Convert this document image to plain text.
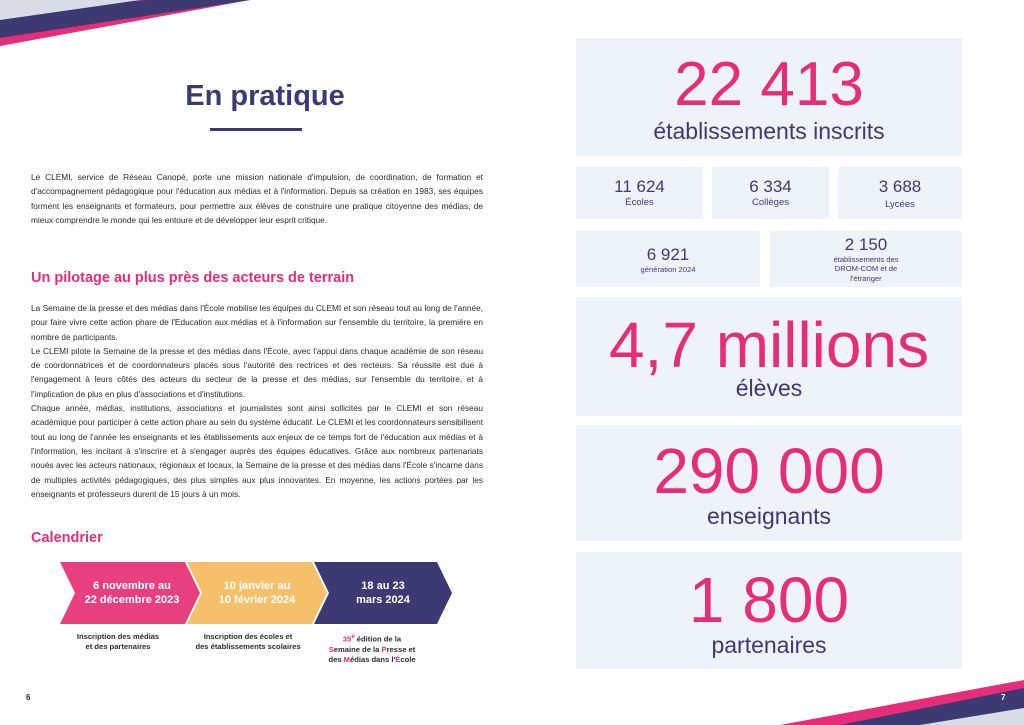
En pratique
Le CLEMI, service de Réseau Canopé, porte une mission nationale d'impulsion, de coordination, de formation et d'accompagnement pédagogique pour l'éducation aux médias et à l'information. Depuis sa création en 1983, ses équipes forment les enseignants et formateurs, pour permettre aux élèves de construire une pratique citoyenne des médias, de mieux comprendre le monde qui les entoure et de développer leur esprit critique.
Un pilotage au plus près des acteurs de terrain

La Semaine de la presse et des médias dans l'École mobilise les équipes du CLEMI et son réseau tout au long de l'année, pour faire vivre cette action phare de l'Education aux médias et à l'information sur l'ensemble du territoire, la première en nombre de participants.

Le CLEMI pilote la Semaine de la presse et des médias dans l'École, avec l'appui dans chaque académie de son réseau de coordonnatrices et de coordonnateurs placés sous l'autorité des rectrices et des recteurs. Sa réussite est due à l'engagement à leurs côtés des acteurs du secteur de la presse et des médias, sur l'ensemble du territoire, et à l'implication de plus en plus d'associations et d'institutions.

Chaque année, médias, institutions, associations et journalistes sont ainsi sollicités par le CLEMI et son réseau académique pour participer à cette action phare au sein du système éducatif. Le CLEMI et les coordonnateurs sensibilisent tout au long de l'année les enseignants et les établissements aux enjeux de ce temps fort de l'éducation aux médias et à l'information, les incitant à s'inscrire et à s'engager auprès des équipes éducatives. Grâce aux nombreux partenariats noués avec les acteurs nationaux, régionaux et locaux, la Semaine de la presse et des médias dans l'École s'incarne dans de multiples activités pédagogiques, des plus simples aux plus innovantes. En moyenne, les actions portées par les enseignants et professeurs durent de 15 jours à un mois.

Calendrier
6 novembre au
22 décembre 2023
10 janvier au
10 février 2024
18 au 23
mars 2024
Inscription des médias
et des partenaires
Inscription des écoles et
des établissements scolaires
35e édition de la
Semaine de la Presse et
des Médias dans l'École
6
22 413
établissements inscrits
11 624
Écoles
6 334
Collèges
3 688
Lycées
6 921
génération 2024
2 150
établissements des
DROM-COM et de
l'étranger
4,7 millions
élèves
290 000
enseignants
1 800
partenaires
7
